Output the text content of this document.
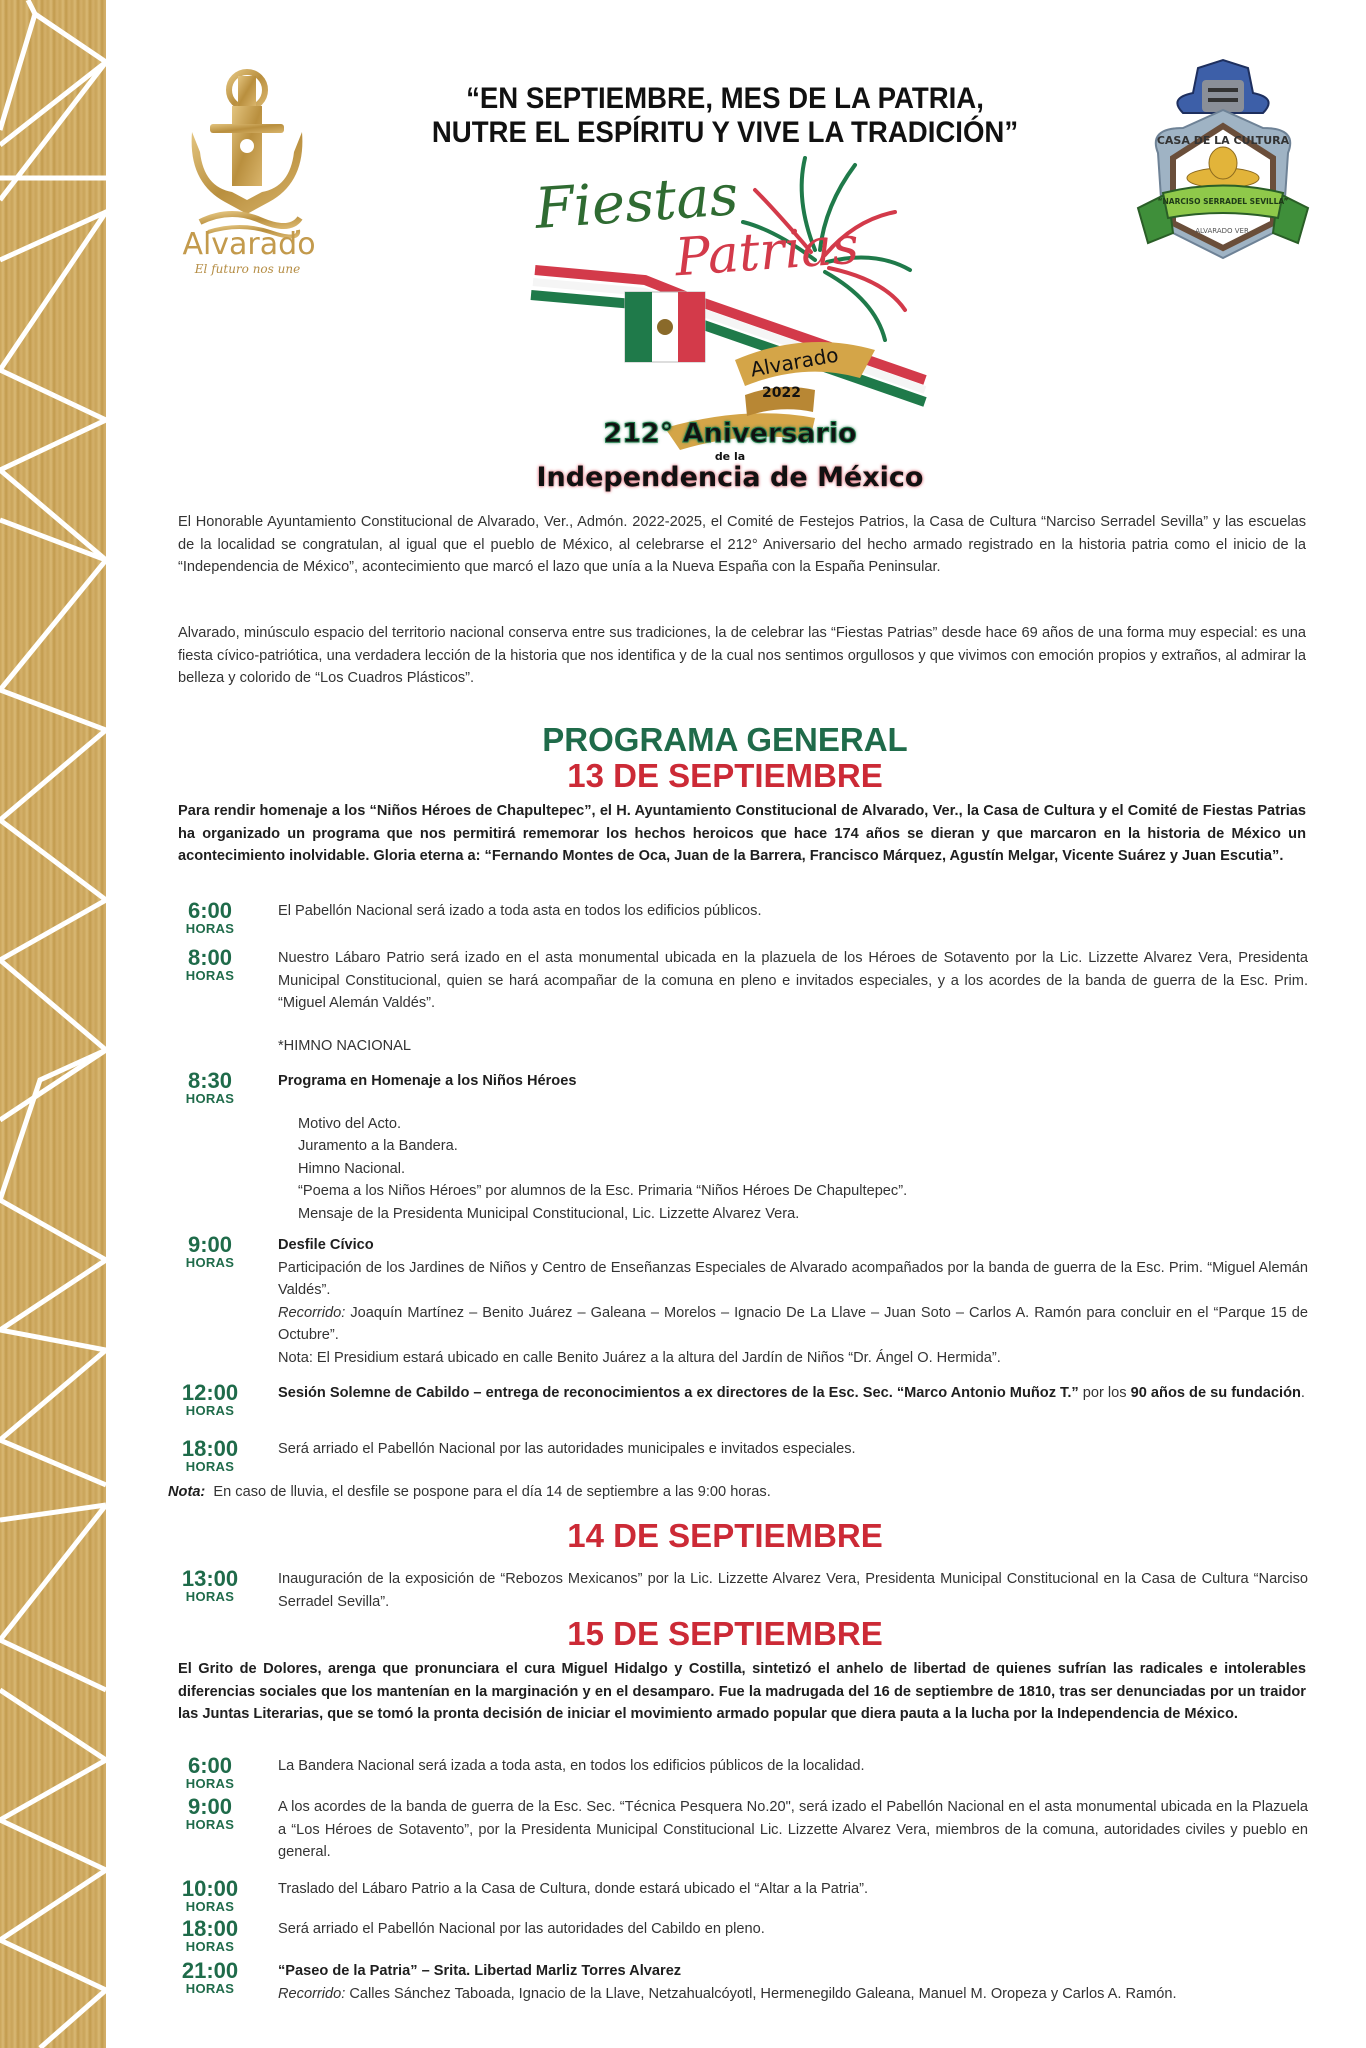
“EN SEPTIEMBRE, MES DE LA PATRIA,
NUTRE EL ESPÍRITU Y VIVE LA TRADICIÓN”
Alvarado
El futuro nos une
CASA DE LA CULTURA
“NARCISO SERRADEL SEVILLA”
ALVARADO VER.
Fiestas
Patrias
Alvarado
2022
212° Aniversario
de la
Independencia de México

El Honorable Ayuntamiento Constitucional de Alvarado, Ver., Admón. 2022-2025, el Comité de Festejos Patrios, la Casa de Cultura “Narciso Serradel Sevilla” y las escuelas de la localidad se congratulan, al igual que el pueblo de México, al celebrarse el 212° Aniversario del hecho armado registrado en la historia patria como el inicio de la “Independencia de México”, acontecimiento que marcó el lazo que unía a la Nueva España con la España Peninsular.

Alvarado, minúsculo espacio del territorio nacional conserva entre sus tradiciones, la de celebrar las “Fiestas Patrias” desde hace 69 años de una forma muy especial: es una fiesta cívico-patriótica, una verdadera lección de la historia que nos identifica y de la cual nos sentimos orgullosos y que vivimos con emoción propios y extraños, al admirar la belleza y colorido de “Los Cuadros Plásticos”.

PROGRAMA GENERAL
13 DE SEPTIEMBRE

Para rendir homenaje a los “Niños Héroes de Chapultepec”, el H. Ayuntamiento Constitucional de Alvarado, Ver., la Casa de Cultura y el Comité de Fiestas Patrias ha organizado un programa que nos permitirá rememorar los hechos heroicos que hace 174 años se dieran y que marcaron en la historia de México un acontecimiento inolvidable. Gloria eterna a: “Fernando Montes de Oca, Juan de la Barrera, Francisco Márquez, Agustín Melgar, Vicente Suárez y Juan Escutia”.

6:00
HORAS
El Pabellón Nacional será izado a toda asta en todos los edificios públicos.
8:00
HORAS
Nuestro Lábaro Patrio será izado en el asta monumental ubicada en la plazuela de los Héroes de Sotavento por la Lic. Lizzette Alvarez Vera, Presidenta Municipal Constitucional, quien se hará acompañar de la comuna en pleno e invitados especiales, y a los acordes de la banda de guerra de la Esc. Prim. “Miguel Alemán Valdés”.
*HIMNO NACIONAL
8:30
HORAS
Programa en Homenaje a los Niños Héroes
Motivo del Acto.
Juramento a la Bandera.
Himno Nacional.
“Poema a los Niños Héroes” por alumnos de la Esc. Primaria “Niños Héroes De Chapultepec”.
Mensaje de la Presidenta Municipal Constitucional, Lic. Lizzette Alvarez Vera.
9:00
HORAS
Desfile Cívico
Participación de los Jardines de Niños y Centro de Enseñanzas Especiales de Alvarado acompañados por la banda de guerra de la Esc. Prim. “Miguel Alemán Valdés”.
Recorrido: Joaquín Martínez – Benito Juárez – Galeana – Morelos – Ignacio De La Llave – Juan Soto – Carlos A. Ramón para concluir en el “Parque 15 de Octubre”.
Nota: El Presidium estará ubicado en calle Benito Juárez a la altura del Jardín de Niños “Dr. Ángel O. Hermida”.
12:00
HORAS
Sesión Solemne de Cabildo – entrega de reconocimientos a ex directores de la Esc. Sec. “Marco Antonio Muñoz T.” por los 90 años de su fundación.
18:00
HORAS
Será arriado el Pabellón Nacional por las autoridades municipales e invitados especiales.
Nota: En caso de lluvia, el desfile se pospone para el día 14 de septiembre a las 9:00 horas.
14 DE SEPTIEMBRE
13:00
HORAS
Inauguración de la exposición de “Rebozos Mexicanos” por la Lic. Lizzette Alvarez Vera, Presidenta Municipal Constitucional en la Casa de Cultura “Narciso Serradel Sevilla”.
15 DE SEPTIEMBRE

El Grito de Dolores, arenga que pronunciara el cura Miguel Hidalgo y Costilla, sintetizó el anhelo de libertad de quienes sufrían las radicales e intolerables diferencias sociales que los mantenían en la marginación y en el desamparo. Fue la madrugada del 16 de septiembre de 1810, tras ser denunciadas por un traidor las Juntas Literarias, que se tomó la pronta decisión de iniciar el movimiento armado popular que diera pauta a la lucha por la Independencia de México.

6:00
HORAS
La Bandera Nacional será izada a toda asta, en todos los edificios públicos de la localidad.
9:00
HORAS
A los acordes de la banda de guerra de la Esc. Sec. “Técnica Pesquera No.20", será izado el Pabellón Nacional en el asta monumental ubicada en la Plazuela a “Los Héroes de Sotavento”, por la Presidenta Municipal Constitucional Lic. Lizzette Alvarez Vera, miembros de la comuna, autoridades civiles y pueblo en general.
10:00
HORAS
Traslado del Lábaro Patrio a la Casa de Cultura, donde estará ubicado el “Altar a la Patria”.
18:00
HORAS
Será arriado el Pabellón Nacional por las autoridades del Cabildo en pleno.
21:00
HORAS
“Paseo de la Patria” – Srita. Libertad Marliz Torres Alvarez
Recorrido: Calles Sánchez Taboada, Ignacio de la Llave, Netzahualcóyotl, Hermenegildo Galeana, Manuel M. Oropeza y Carlos A. Ramón.
